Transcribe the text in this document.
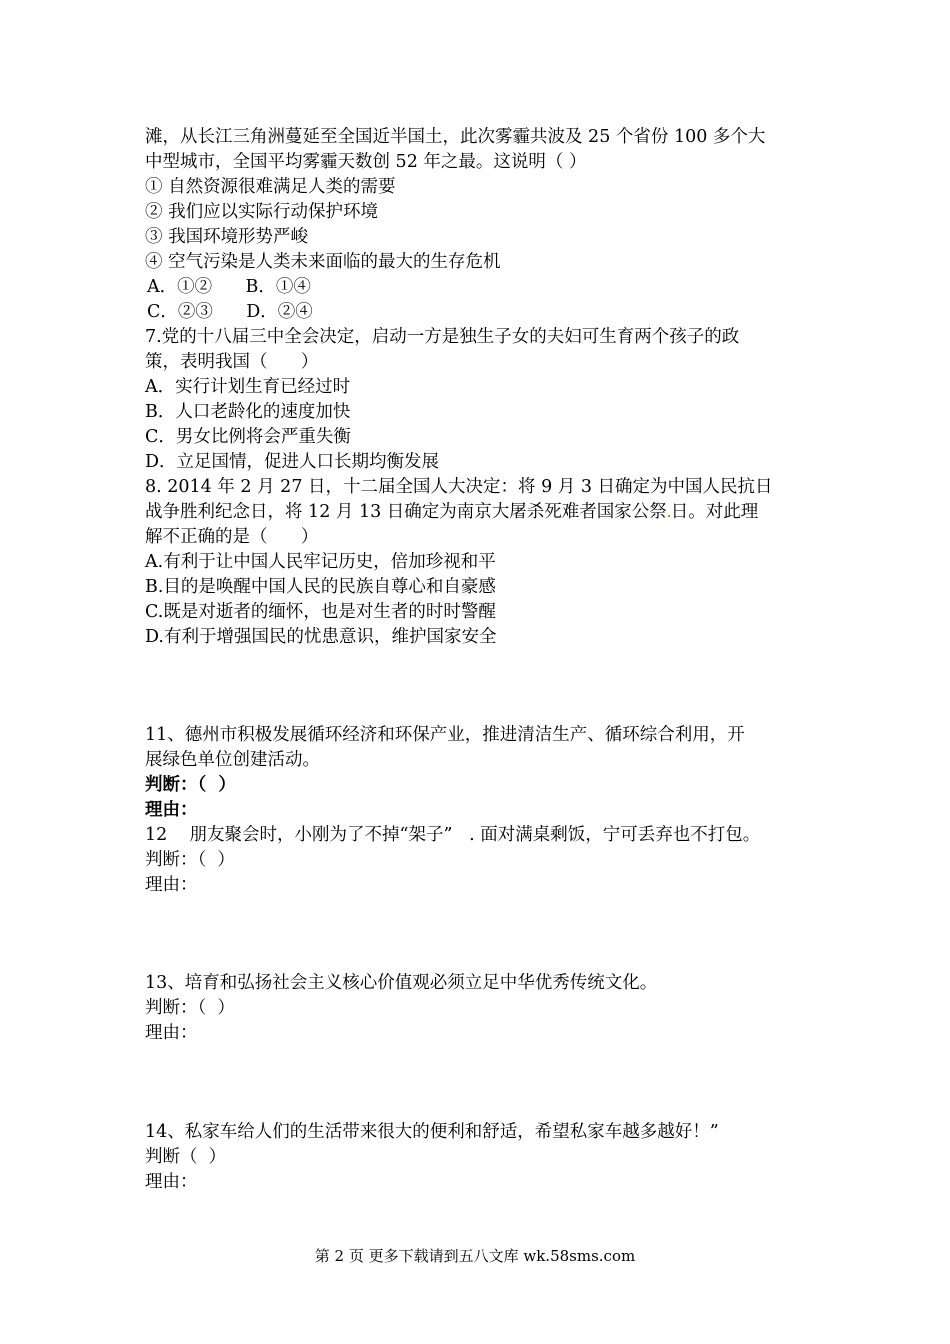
滩，从长江三角洲蔓延至全国近半国土，此次雾霾共波及 25 个省份 100 多个大
中型城市，全国平均雾霾天数创 52 年之最。这说明（ ）
① 自然资源很难满足人类的需要
② 我们应以实际行动保护环境
③ 我国环境形势严峻
④ 空气污染是人类未来面临的最大的生存危机
A．①②      B．①④
C．②③      D．②④
7.党的十八届三中全会决定，启动一方是独生子女的夫妇可生育两个孩子的政
策，表明我国（      ）
A．实行计划生育已经过时
B．人口老龄化的速度加快
C．男女比例将会严重失衡
D．立足国情，促进人口长期均衡发展
8. 2014 年 2 月 27 日，十二届全国人大决定：将 9 月 3 日确定为中国人民抗日
战争胜利纪念日，将 12 月 13 日确定为南京大屠杀死难者国家公祭 日。对此理
解不正确的是（      ）
A.有利于让中国人民牢记历史，倍加珍视和平
B.目的是唤醒中国人民的民族自尊心和自豪感
C.既是对逝者的缅怀，也是对生者的时时警醒
D.有利于增强国民的忧患意识，维护国家安全
11、德州市积极发展循环经济和环保产业，推进清洁生产、循环综合利用，开
展绿色单位创建活动。
判断：（  ）
理由：
12    朋友聚会时，小刚为了不掉“架子”   . 面对满桌剩饭，宁可丢弃也不打包。
判断：（  ）
理由：
13、培育和弘扬社会主义核心价值观必须立足中华优秀传统文化。
判断：（  ）
理由：
14、私家车给人们的生活带来很大的便利和舒适，希望私家车越多越好！”
判断（  ）
理由：
第 2 页 更多下载请到五八文库 wk.58sms.com
